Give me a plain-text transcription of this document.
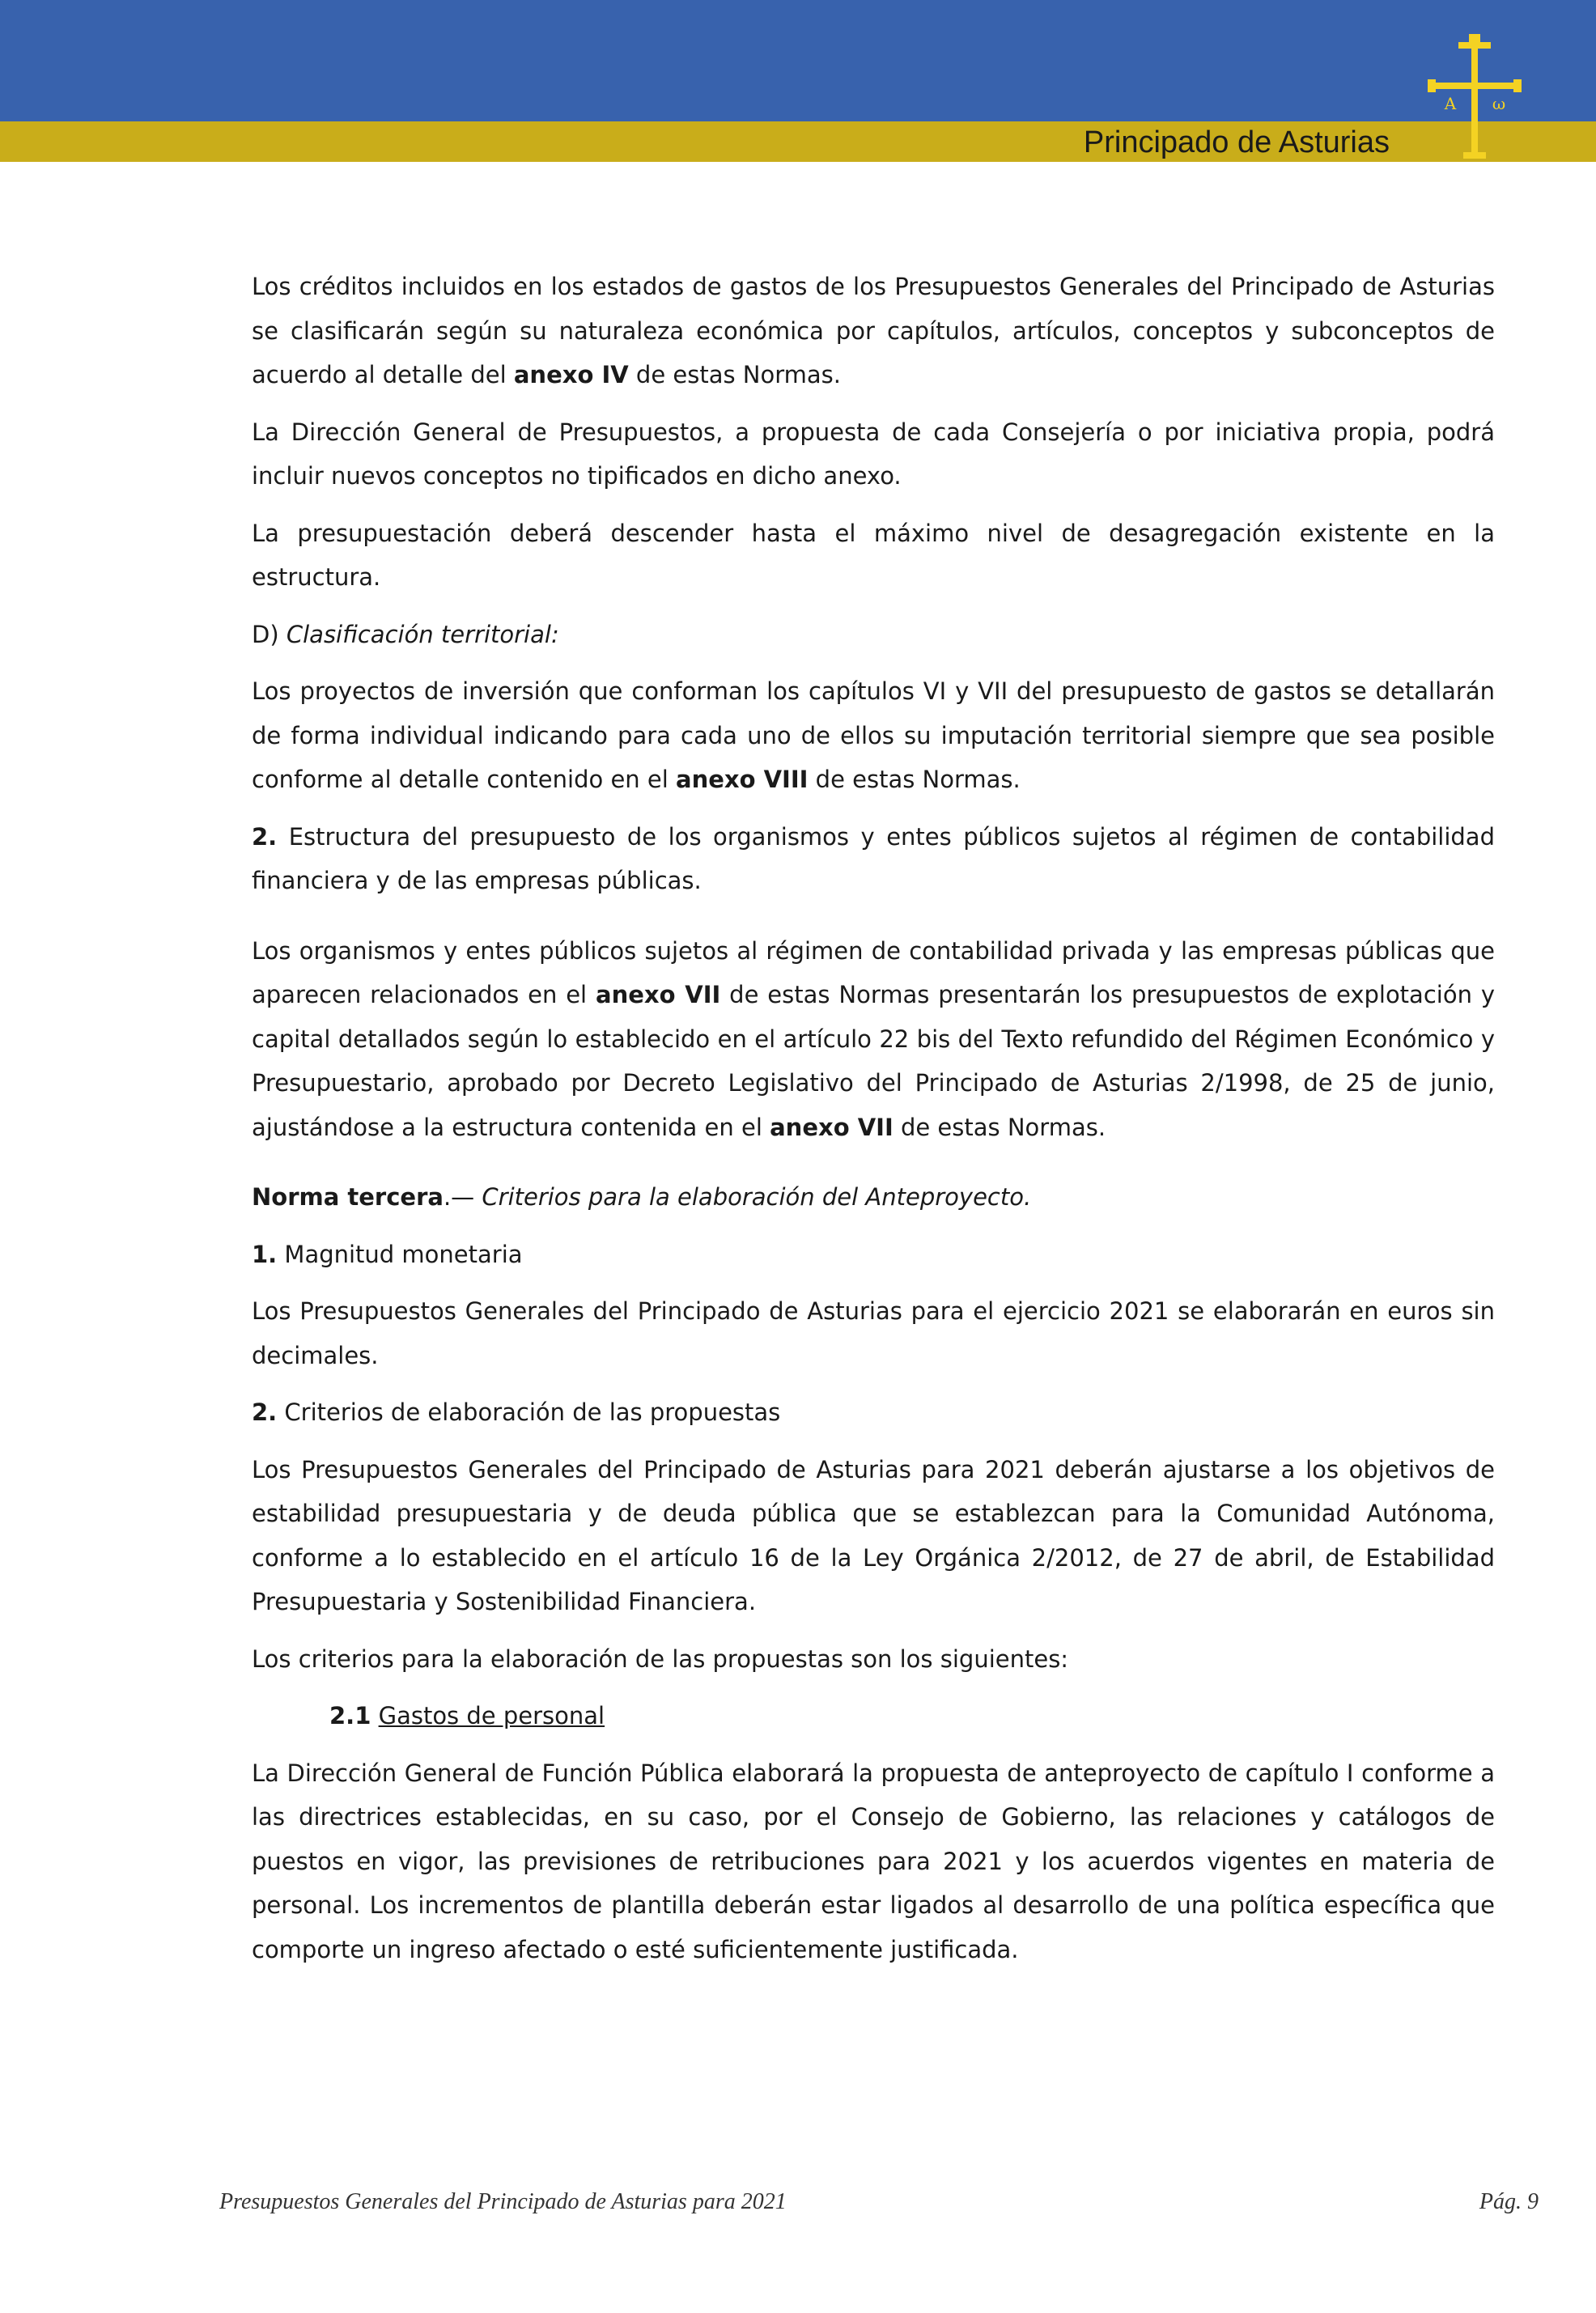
Principado de Asturias
A ω

Los créditos incluidos en los estados de gastos de los Presupuestos Generales del Principado de Asturias se clasificarán según su naturaleza económica por capítulos, artículos, conceptos y subconceptos de acuerdo al detalle del anexo IV de estas Normas.

La Dirección General de Presupuestos, a propuesta de cada Consejería o por iniciativa propia, podrá incluir nuevos conceptos no tipificados en dicho anexo.

La presupuestación deberá descender hasta el máximo nivel de desagregación existente en la estructura.

D) Clasificación territorial:

Los proyectos de inversión que conforman los capítulos VI y VII del presupuesto de gastos se detallarán de forma individual indicando para cada uno de ellos su imputación territorial siempre que sea posible conforme al detalle contenido en el anexo VIII de estas Normas.

2. Estructura del presupuesto de los organismos y entes públicos sujetos al régimen de contabilidad financiera y de las empresas públicas.

Los organismos y entes públicos sujetos al régimen de contabilidad privada y las empresas públicas que aparecen relacionados en el anexo VII de estas Normas presentarán los presupuestos de explotación y capital detallados según lo establecido en el artículo 22 bis del Texto refundido del Régimen Económico y Presupuestario, aprobado por Decreto Legislativo del Principado de Asturias 2/1998, de 25 de junio, ajustándose a la estructura contenida en el anexo VII de estas Normas.

Norma tercera.— Criterios para la elaboración del Anteproyecto.

1. Magnitud monetaria

Los Presupuestos Generales del Principado de Asturias para el ejercicio 2021 se elaborarán en euros sin decimales.

2. Criterios de elaboración de las propuestas

Los Presupuestos Generales del Principado de Asturias para 2021 deberán ajustarse a los objetivos de estabilidad presupuestaria y de deuda pública que se establezcan para la Comunidad Autónoma, conforme a lo establecido en el artículo 16 de la Ley Orgánica 2/2012, de 27 de abril, de Estabilidad Presupuestaria y Sostenibilidad Financiera.

Los criterios para la elaboración de las propuestas son los siguientes:

2.1 Gastos de personal

La Dirección General de Función Pública elaborará la propuesta de anteproyecto de capítulo I conforme a las directrices establecidas, en su caso, por el Consejo de Gobierno, las relaciones y catálogos de puestos en vigor, las previsiones de retribuciones para 2021 y los acuerdos vigentes en materia de personal. Los incrementos de plantilla deberán estar ligados al desarrollo de una política específica que comporte un ingreso afectado o esté suficientemente justificada.

Presupuestos Generales del Principado de Asturias para 2021	Pág. 9
